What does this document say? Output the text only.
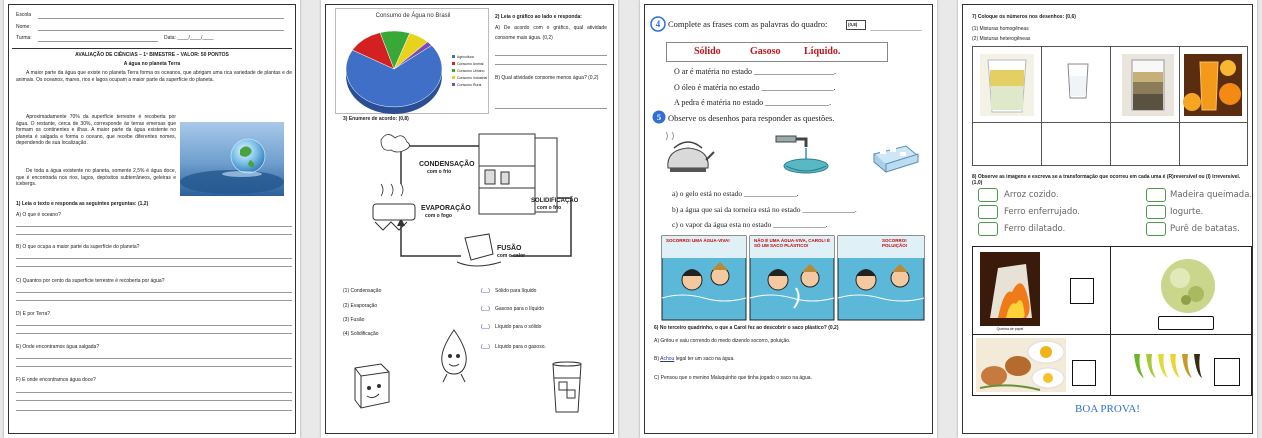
Escola
Nome:
Turma:	Data: ____/____/____
AVALIAÇÃO DE CIÊNCIAS – 1º BIMESTRE – VALOR: 50 PONTOS
A água no planeta Terra
A maior parte da água que existe no planeta Terra forma os oceanos, que abrigam uma rica variedade de plantas e de animais. Os oceanos, mares, rios e lagos ocupam a maior parte da superfície do planeta.
Aproximadamente 70% da superfície terrestre é recoberta por água. O restante, cerca de 30%, corresponde às terras emersas que formam os continentes e ilhas. A maior parte da água existente no planeta é salgada e forma o oceano, que recebe diferentes nomes, dependendo de sua localização.
De toda a água existente no planeta, somente 2,5% é água doce, que é encontrada nos rios, lagos, depósitos subterrâneos, geleiras e icebergs.
1) Leia o texto e responda as seguintes perguntas: (1,2)
A) O que é oceano?
B) O que ocupa a maior parte da superfície do planeta?
C) Quantos por cento da superfície terrestre é recoberta por água?
D) E por Terra?
E) Onde encontramos água salgada?
F) E onde encontramos água doce?
Consumo de Água no Brasil
Agricultura
Consumo Animal
Consumo Urbano
Consumo Industrial
Consumo Rural
2) Leia o gráfico ao lado e responda:
A) De acordo com o gráfico, qual atividade consome mais água. (0,2)
B) Qual atividade consome menos água? (0,2)
3) Enumere de acordo: (0,8)
CONDENSAÇÃO
com o frio
EVAPORAÇÃO
com o fogo
SOLIDIFICAÇÃO
com o frio
FUSÃO
com o calor
(1) Condensação
(2) Evaporação
(3) Fusão
(4) Solidificação
(__) Sólido para líquido
(__) Gasoso para o líquido
(__) Líquido para o sólido
(__) Líquido para o gasoso.
4 Complete as frases com as palavras do quadro:	(0,8)
Sólido	Gasoso Líquido.
O ar é matéria no estado ____________________.
O óleo é matéria no estado __________________.
A pedra é matéria no estado ________________.
5 Observe os desenhos para responder as questões.
a) o gelo está no estado ______________.
b) a água que sai da torneira está no estado ______________.
c) o vapor da água esta no estado ______________.
SOCORRO! UMA ÁGUA-VIVA!	NÃO É UMA ÁGUA-VIVA, CAROL! É SÓ UM SACO PLÁSTICO!
SOCORRO! POLUIÇÃO!
6) No terceiro quadrinho, o que a Carol fez ao descobrir o saco plástico? (0,2)
A) Gritou e saiu correndo do medo dizendo socorro, poluição.
B) Achou legal ter um saco na água.
C) Pensou que o menino Maluquinho que tinha jogado o saco na água.
7) Coloque os números nos desenhos: (0,6)
(1) Misturas homogêneas
(2) Misturas heterogêneas
8) Observe as imagens e escreva se a transformação que ocorreu em cada uma é (R)reversível ou (I) irreversível. (1,0)
Arroz cozido.
Ferro enferrujado.
Ferro dilatado.
Madeira queimada.
Iogurte.
Purê de batatas.
Queima de papel
BOA PROVA!
